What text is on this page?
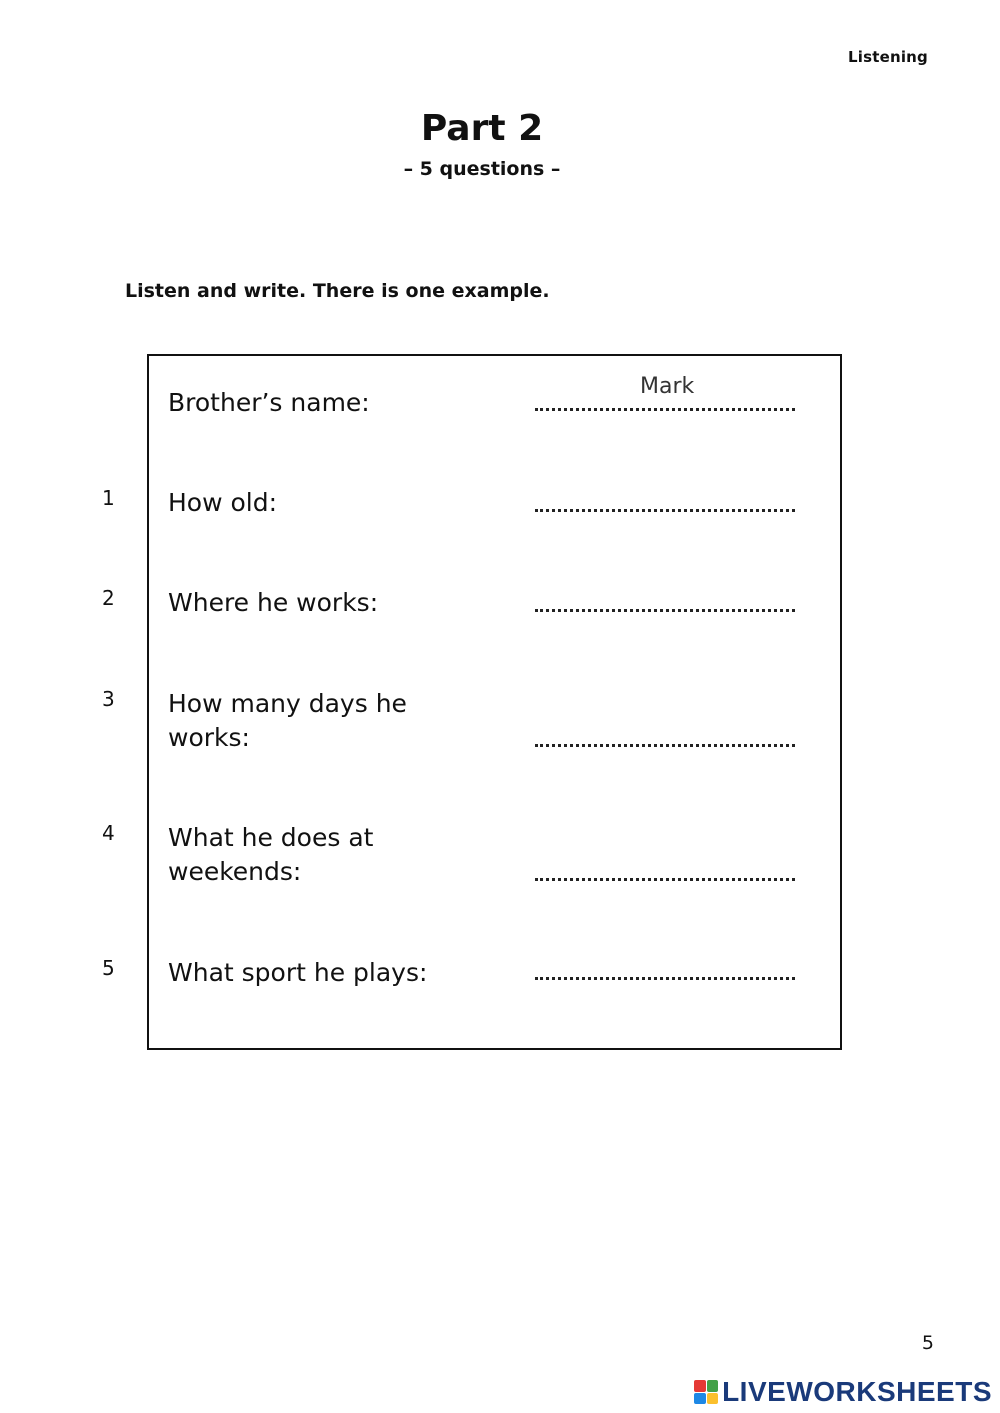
Listening
Part 2
– 5 questions –
Listen and write. There is one example.
Brother’s name:
Mark
1 How old:
2 Where he works:
3 How many days he works:
4 What he does at weekends:
5 What sport he plays:
5
LIVEWORKSHEETS
